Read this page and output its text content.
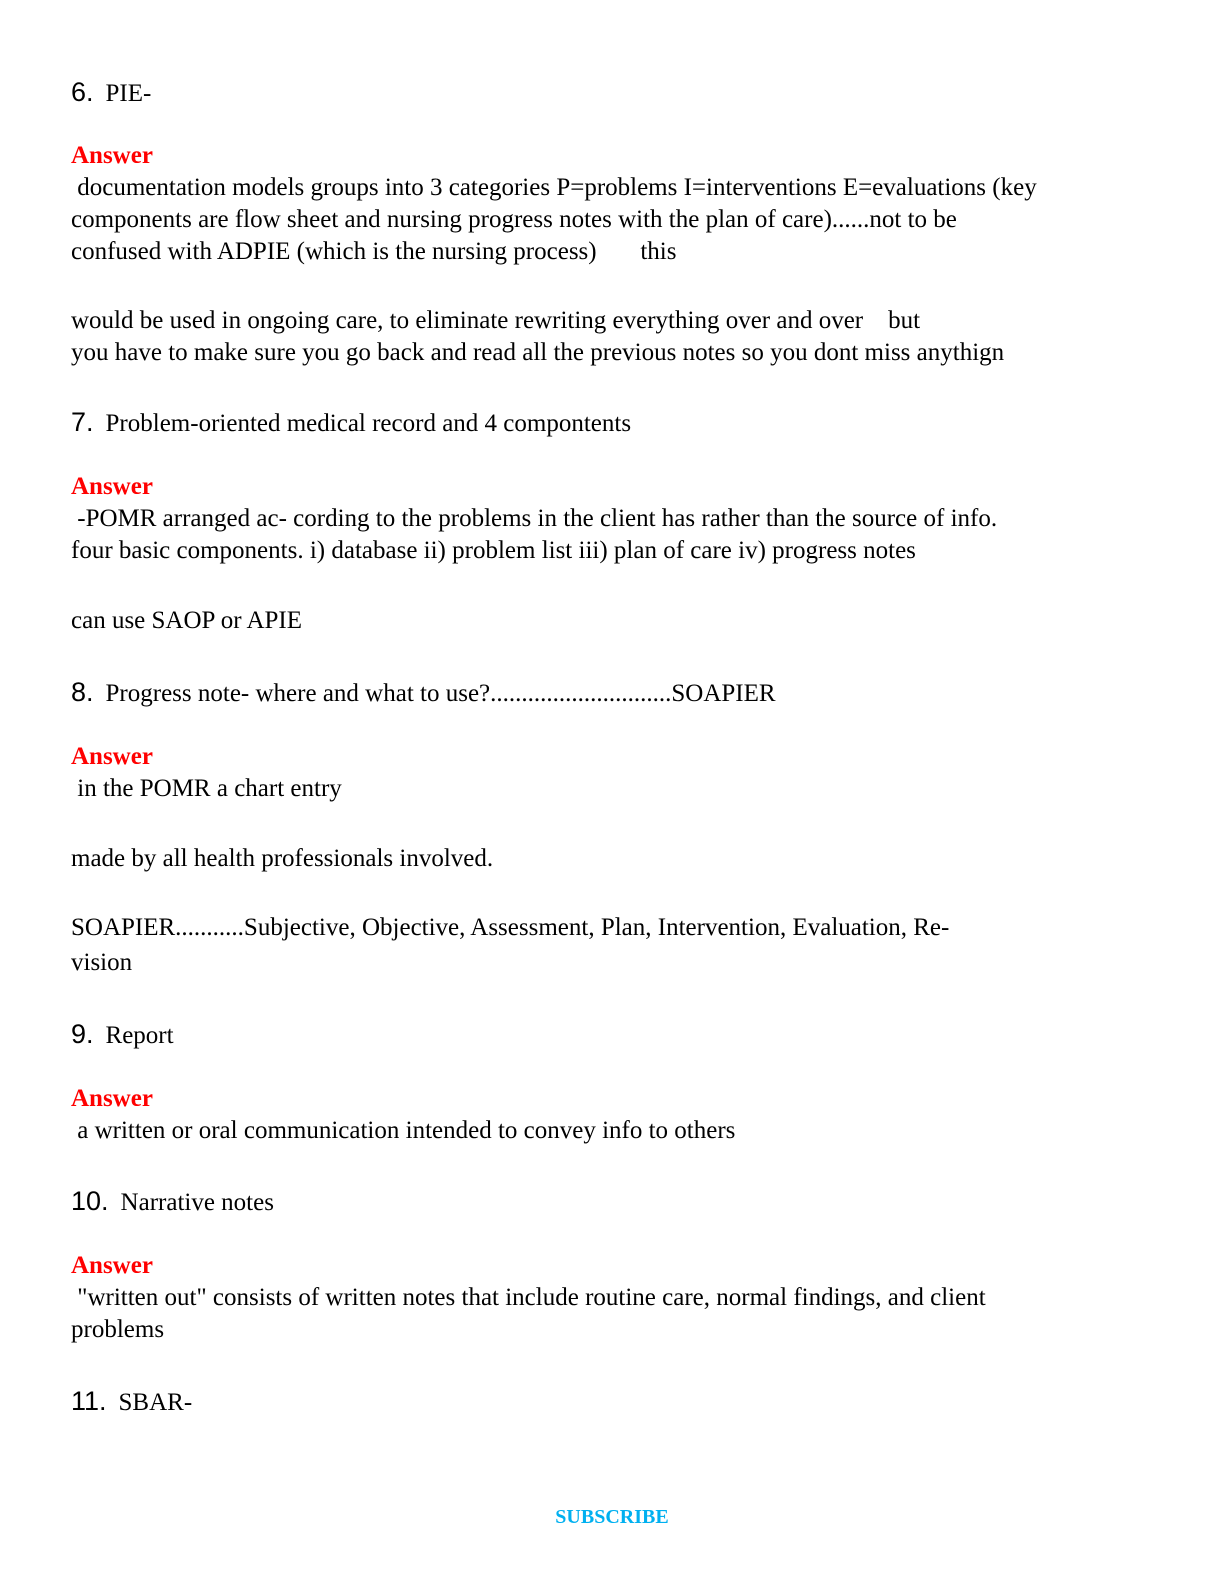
6. PIE-
Answer
documentation models groups into 3 categories P=problems I=interventions E=evaluations (key
components are flow sheet and nursing progress notes with the plan of care)......not to be
confused with ADPIE (which is the nursing process)       this
would be used in ongoing care, to eliminate rewriting everything over and over    but
you have to make sure you go back and read all the previous notes so you dont miss anythign
7. Problem-oriented medical record and 4 compontents
Answer
-POMR arranged ac- cording to the problems in the client has rather than the source of info.
four basic components. i) database ii) problem list iii) plan of care iv) progress notes
can use SAOP or APIE
8. Progress note- where and what to use?.............................SOAPIER
Answer
in the POMR a chart entry
made by all health professionals involved.
SOAPIER...........Subjective, Objective, Assessment, Plan, Intervention, Evaluation, Re-
vision
9. Report
Answer
a written or oral communication intended to convey info to others
10. Narrative notes
Answer
"written out" consists of written notes that include routine care, normal findings, and client
problems
11. SBAR-
SUBSCRIBE
